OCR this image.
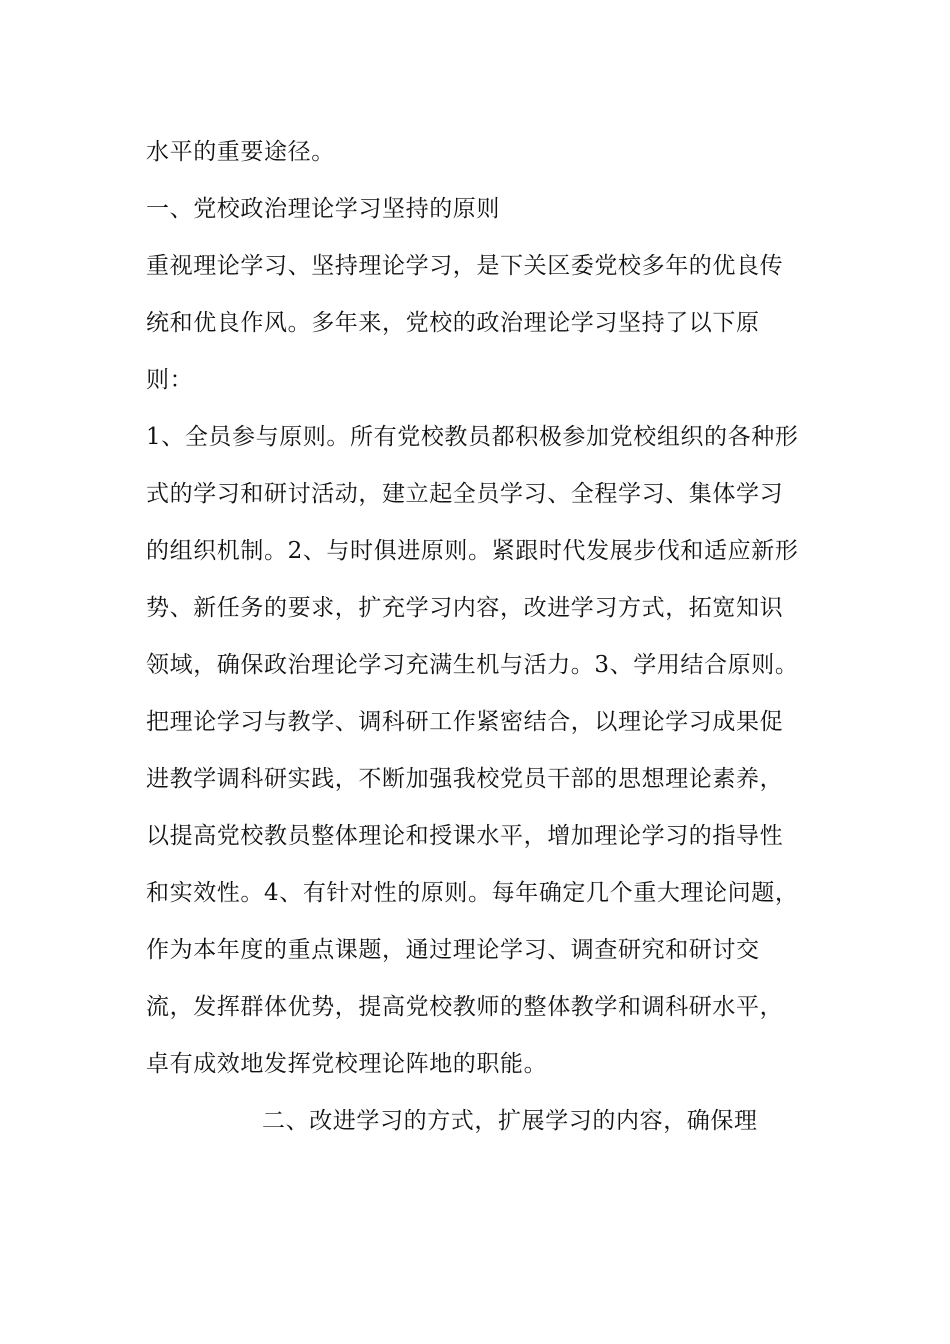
水平的重要途径。

一、党校政治理论学习坚持的原则

重视理论学习、坚持理论学习，是下关区委党校多年的优良传统和优良作风。多年来，党校的政治理论学习坚持了以下原则：

1、全员参与原则。所有党校教员都积极参加党校组织的各种形式的学习和研讨活动，建立起全员学习、全程学习、集体学习的组织机制。2、与时俱进原则。紧跟时代发展步伐和适应新形势、新任务的要求，扩充学习内容，改进学习方式，拓宽知识领域，确保政治理论学习充满生机与活力。3、学用结合原则。把理论学习与教学、调科研工作紧密结合，以理论学习成果促进教学调科研实践，不断加强我校党员干部的思想理论素养，以提高党校教员整体理论和授课水平，增加理论学习的指导性和实效性。4、有针对性的原则。每年确定几个重大理论问题，作为本年度的重点课题，通过理论学习、调查研究和研讨交流，发挥群体优势，提高党校教师的整体教学和调科研水平，卓有成效地发挥党校理论阵地的职能。

二、改进学习的方式，扩展学习的内容，确保理
